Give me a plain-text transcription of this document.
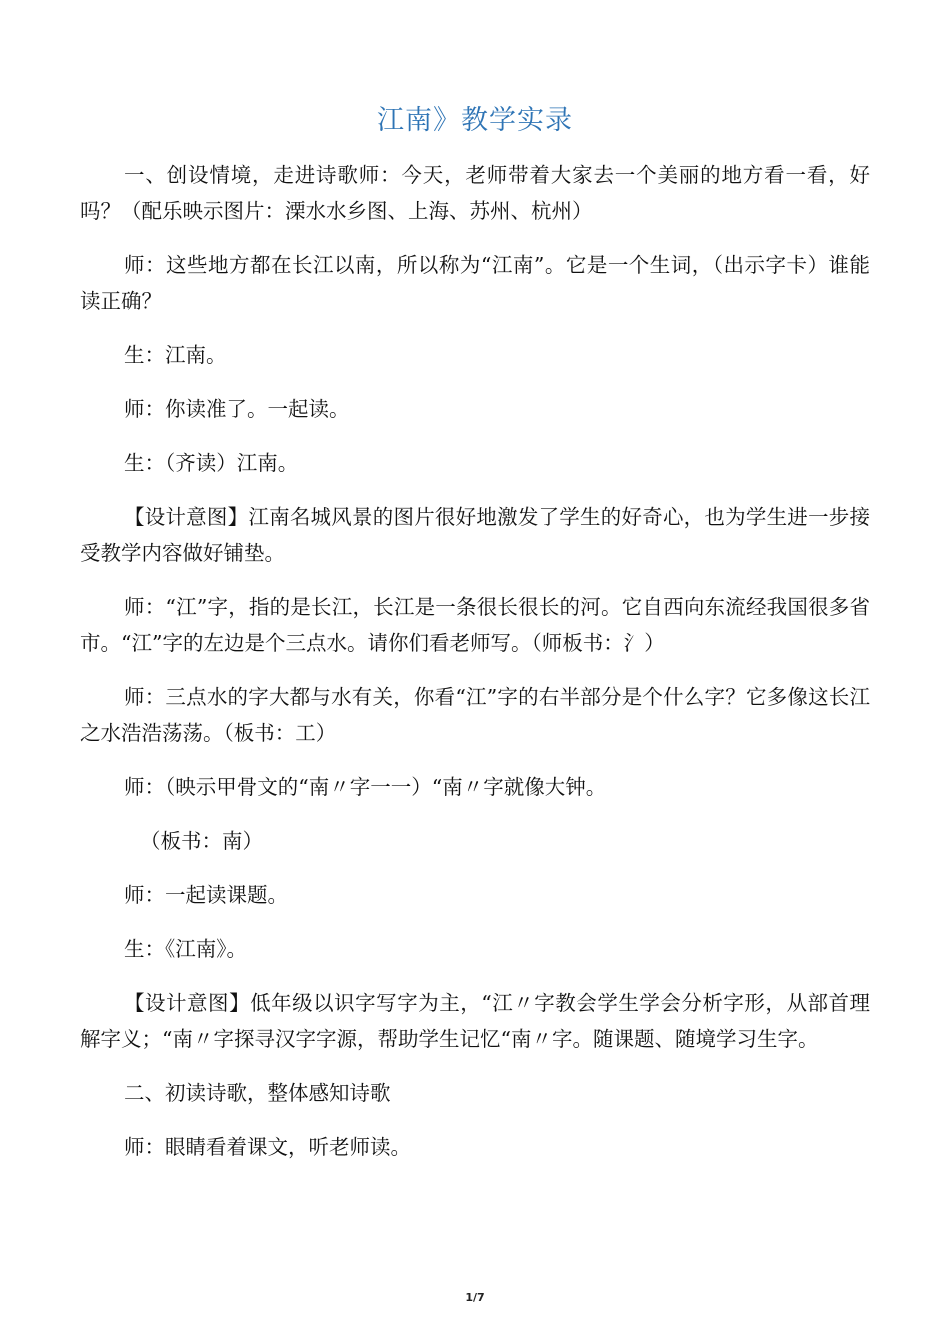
江南》教学实录

一、创设情境，走进诗歌师：今天，老师带着大家去一个美丽的地方看一看，好吗？（配乐映示图片：溧水水乡图、上海、苏州、杭州）

师：这些地方都在长江以南，所以称为“江南”。它是一个生词，（出示字卡）谁能读正确？

生：江南。

师：你读准了。一起读。

生：（齐读）江南。

【设计意图】江南名城风景的图片很好地激发了学生的好奇心，也为学生进一步接受教学内容做好铺垫。

师：“江”字，指的是长江，长江是一条很长很长的河。它自西向东流经我国很多省市。“江”字的左边是个三点水。请你们看老师写。（师板书：氵）

师：三点水的字大都与水有关，你看“江”字的右半部分是个什么字？它多像这长江之水浩浩荡荡。（板书：工）

师：（映示甲骨文的“南〃字一一）“南〃字就像大钟。

（板书：南）

师：一起读课题。

生：《江南》。

【设计意图】低年级以识字写字为主，“江〃字教会学生学会分析字形，从部首理解字义；“南〃字探寻汉字字源，帮助学生记忆“南〃字。随课题、随境学习生字。

二、初读诗歌，整体感知诗歌

师：眼睛看着课文，听老师读。

1/7
